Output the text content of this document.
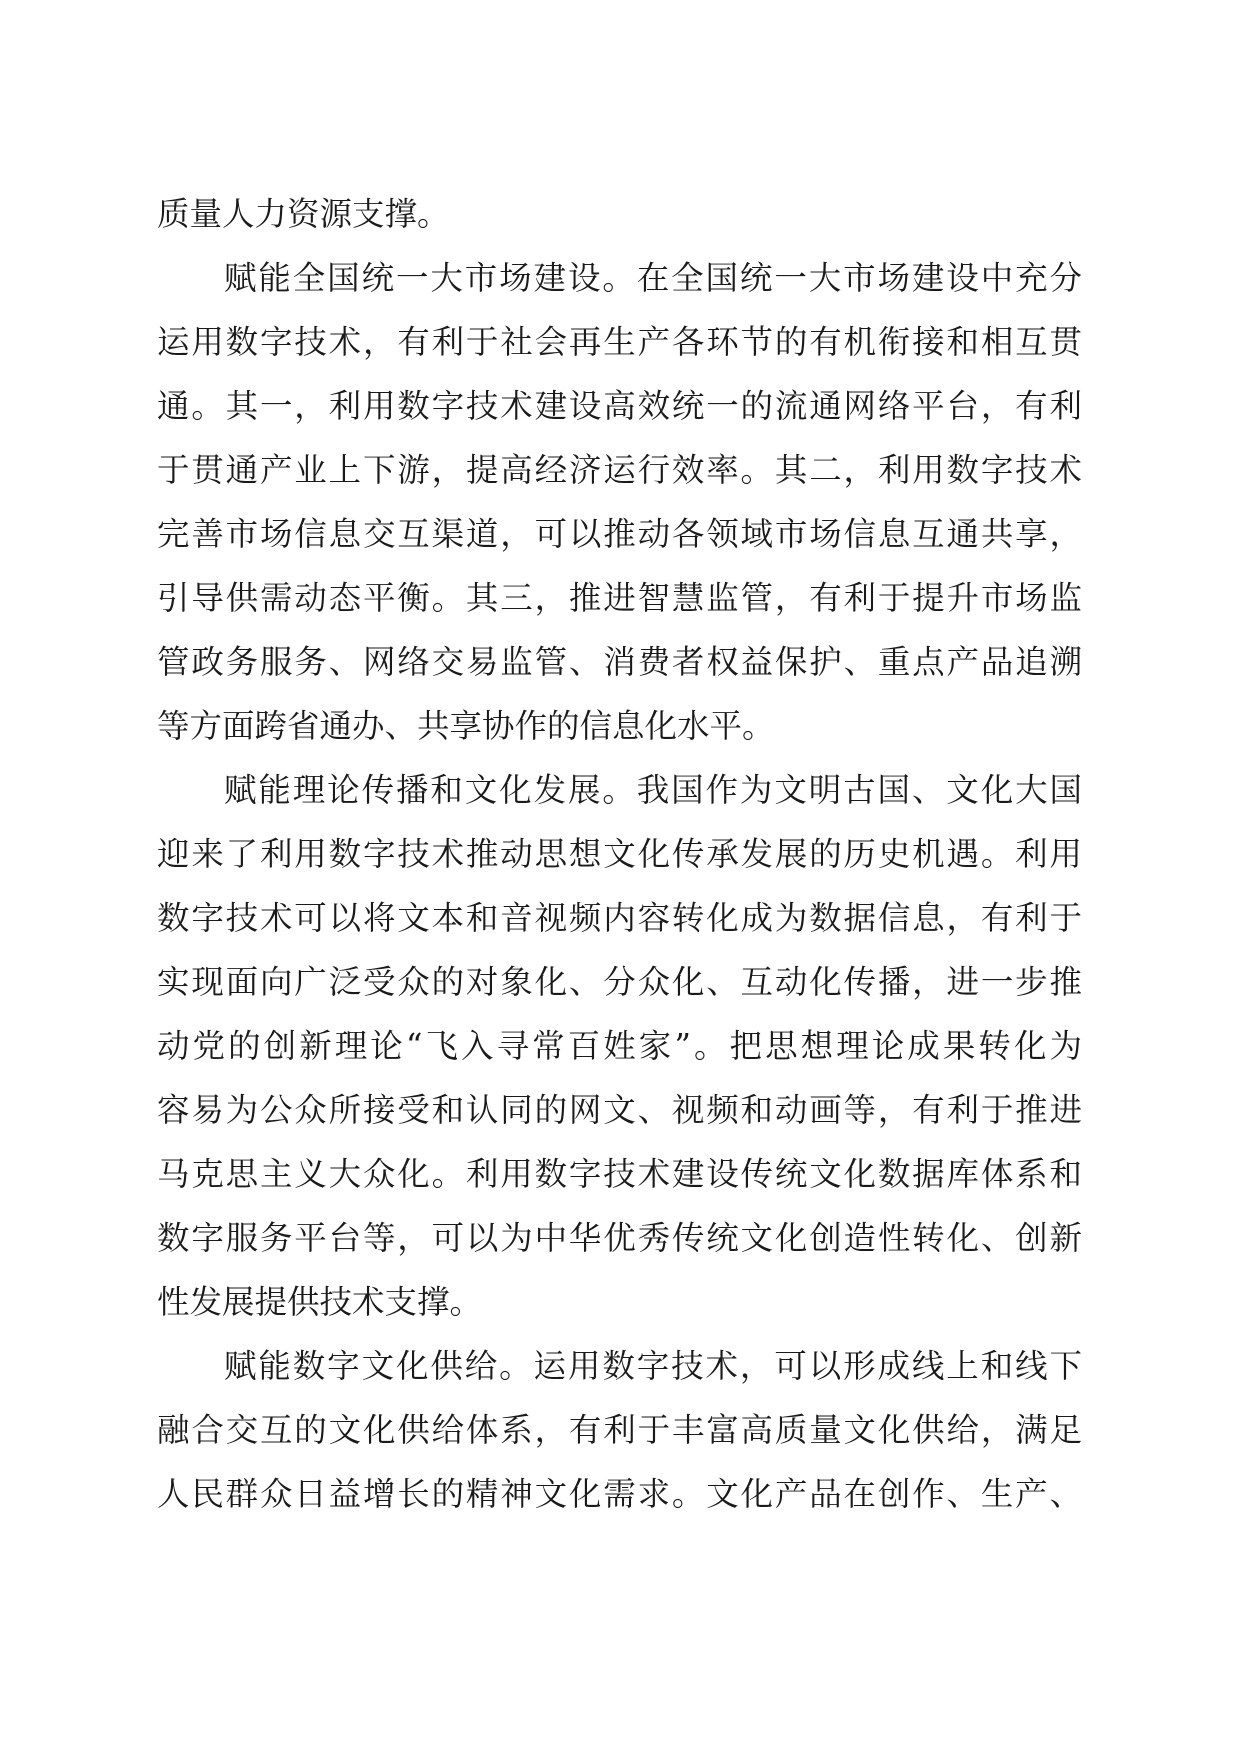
质量人力资源支撑。
赋能全国统一大市场建设。在全国统一大市场建设中充分
运用数字技术，有利于社会再生产各环节的有机衔接和相互贯
通。其一，利用数字技术建设高效统一的流通网络平台，有利
于贯通产业上下游，提高经济运行效率。其二，利用数字技术
完善市场信息交互渠道，可以推动各领域市场信息互通共享，
引导供需动态平衡。其三，推进智慧监管，有利于提升市场监
管政务服务、网络交易监管、消费者权益保护、重点产品追溯
等方面跨省通办、共享协作的信息化水平。
赋能理论传播和文化发展。我国作为文明古国、文化大国
迎来了利用数字技术推动思想文化传承发展的历史机遇。利用
数字技术可以将文本和音视频内容转化成为数据信息，有利于
实现面向广泛受众的对象化、分众化、互动化传播，进一步推
动党的创新理论“飞入寻常百姓家”。把思想理论成果转化为
容易为公众所接受和认同的网文、视频和动画等，有利于推进
马克思主义大众化。利用数字技术建设传统文化数据库体系和
数字服务平台等，可以为中华优秀传统文化创造性转化、创新
性发展提供技术支撑。
赋能数字文化供给。运用数字技术，可以形成线上和线下
融合交互的文化供给体系，有利于丰富高质量文化供给，满足
人民群众日益增长的精神文化需求。文化产品在创作、生产、
